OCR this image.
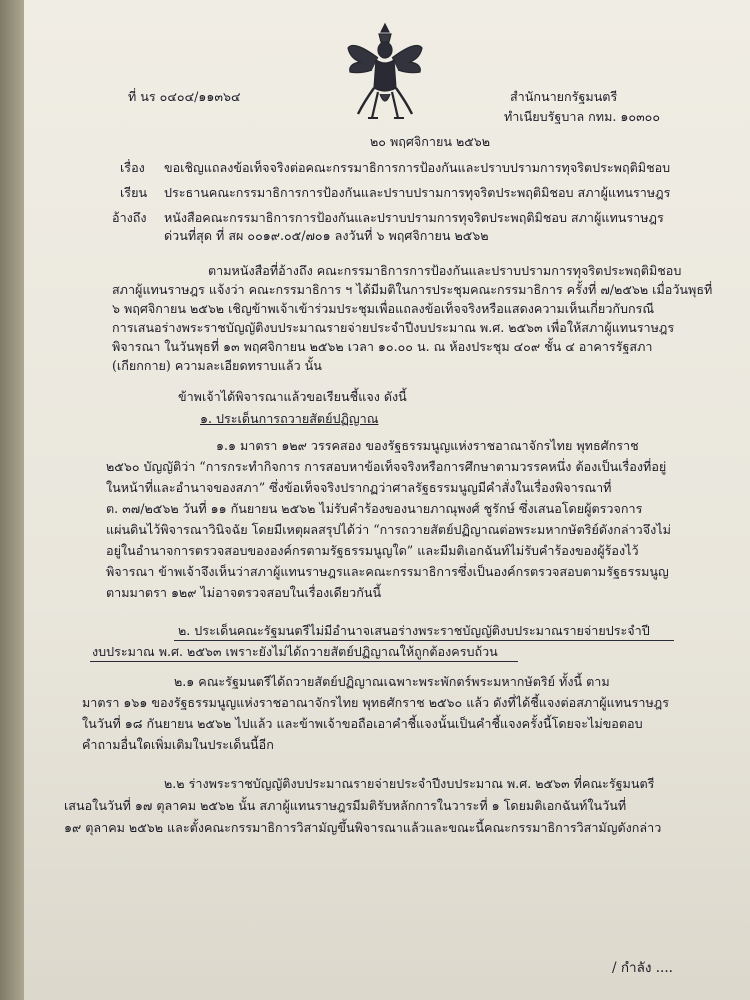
ที่ นร ๐๔๐๔/๑๑๓๖๔	สำนักนายกรัฐมนตรี
ทำเนียบรัฐบาล กทม. ๑๐๓๐๐
๒๐ พฤศจิกายน ๒๕๖๒
เรื่อง ขอเชิญแถลงข้อเท็จจริงต่อคณะกรรมาธิการการป้องกันและปราบปรามการทุจริตประพฤติมิชอบ
เรียน ประธานคณะกรรมาธิการการป้องกันและปราบปรามการทุจริตประพฤติมิชอบ สภาผู้แทนราษฎร
อ้างถึง หนังสือคณะกรรมาธิการการป้องกันและปราบปรามการทุจริตประพฤติมิชอบ สภาผู้แทนราษฎร
ด่วนที่สุด ที่ สผ ๐๐๑๙.๐๕/๗๐๑ ลงวันที่ ๖ พฤศจิกายน ๒๕๖๒
ตามหนังสือที่อ้างถึง คณะกรรมาธิการการป้องกันและปราบปรามการทุจริตประพฤติมิชอบ
สภาผู้แทนราษฎร แจ้งว่า คณะกรรมาธิการ ฯ ได้มีมติในการประชุมคณะกรรมาธิการ ครั้งที่ ๗/๒๕๖๒ เมื่อวันพุธที่
๖ พฤศจิกายน ๒๕๖๒ เชิญข้าพเจ้าเข้าร่วมประชุมเพื่อแถลงข้อเท็จจริงหรือแสดงความเห็นเกี่ยวกับกรณี
การเสนอร่างพระราชบัญญัติงบประมาณรายจ่ายประจำปีงบประมาณ พ.ศ. ๒๕๖๓ เพื่อให้สภาผู้แทนราษฎร
พิจารณา ในวันพุธที่ ๑๓ พฤศจิกายน ๒๕๖๒ เวลา ๑๐.๐๐ น. ณ ห้องประชุม ๔๐๙ ชั้น ๔ อาคารรัฐสภา
(เกียกกาย) ความละเอียดทราบแล้ว นั้น
ข้าพเจ้าได้พิจารณาแล้วขอเรียนชี้แจง ดังนี้
๑. ประเด็นการถวายสัตย์ปฏิญาณ
๑.๑ มาตรา ๑๒๙ วรรคสอง ของรัฐธรรมนูญแห่งราชอาณาจักรไทย พุทธศักราช
๒๕๖๐ บัญญัติว่า “การกระทำกิจการ การสอบหาข้อเท็จจริงหรือการศึกษาตามวรรคหนึ่ง ต้องเป็นเรื่องที่อยู่
ในหน้าที่และอำนาจของสภา” ซึ่งข้อเท็จจริงปรากฏว่าศาลรัฐธรรมนูญมีคำสั่งในเรื่องพิจารณาที่
ต. ๓๗/๒๕๖๒ วันที่ ๑๑ กันยายน ๒๕๖๒ ไม่รับคำร้องของนายภาณุพงศ์ ชูรักษ์ ซึ่งเสนอโดยผู้ตรวจการ
แผ่นดินไว้พิจารณาวินิจฉัย โดยมีเหตุผลสรุปได้ว่า “การถวายสัตย์ปฏิญาณต่อพระมหากษัตริย์ดังกล่าวจึงไม่
อยู่ในอำนาจการตรวจสอบขององค์กรตามรัฐธรรมนูญใด” และมีมติเอกฉันท์ไม่รับคำร้องของผู้ร้องไว้
พิจารณา ข้าพเจ้าจึงเห็นว่าสภาผู้แทนราษฎรและคณะกรรมาธิการซึ่งเป็นองค์กรตรวจสอบตามรัฐธรรมนูญ
ตามมาตรา ๑๒๙ ไม่อาจตรวจสอบในเรื่องเดียวกันนี้
๒. ประเด็นคณะรัฐมนตรีไม่มีอำนาจเสนอร่างพระราชบัญญัติงบประมาณรายจ่ายประจำปี
งบประมาณ พ.ศ. ๒๕๖๓ เพราะยังไม่ได้ถวายสัตย์ปฏิญาณให้ถูกต้องครบถ้วน
๒.๑ คณะรัฐมนตรีได้ถวายสัตย์ปฏิญาณเฉพาะพระพักตร์พระมหากษัตริย์ ทั้งนี้ ตาม
มาตรา ๑๖๑ ของรัฐธรรมนูญแห่งราชอาณาจักรไทย พุทธศักราช ๒๕๖๐ แล้ว ดังที่ได้ชี้แจงต่อสภาผู้แทนราษฎร
ในวันที่ ๑๘ กันยายน ๒๕๖๒ ไปแล้ว และข้าพเจ้าขอถือเอาคำชี้แจงนั้นเป็นคำชี้แจงครั้งนี้โดยจะไม่ขอตอบ
คำถามอื่นใดเพิ่มเติมในประเด็นนี้อีก
๒.๒ ร่างพระราชบัญญัติงบประมาณรายจ่ายประจำปีงบประมาณ พ.ศ. ๒๕๖๓ ที่คณะรัฐมนตรี
เสนอในวันที่ ๑๗ ตุลาคม ๒๕๖๒ นั้น สภาผู้แทนราษฎรมีมติรับหลักการในวาระที่ ๑ โดยมติเอกฉันท์ในวันที่
๑๙ ตุลาคม ๒๕๖๒ และตั้งคณะกรรมาธิการวิสามัญขึ้นพิจารณาแล้วและขณะนี้คณะกรรมาธิการวิสามัญดังกล่าว
/ กำลัง ....
